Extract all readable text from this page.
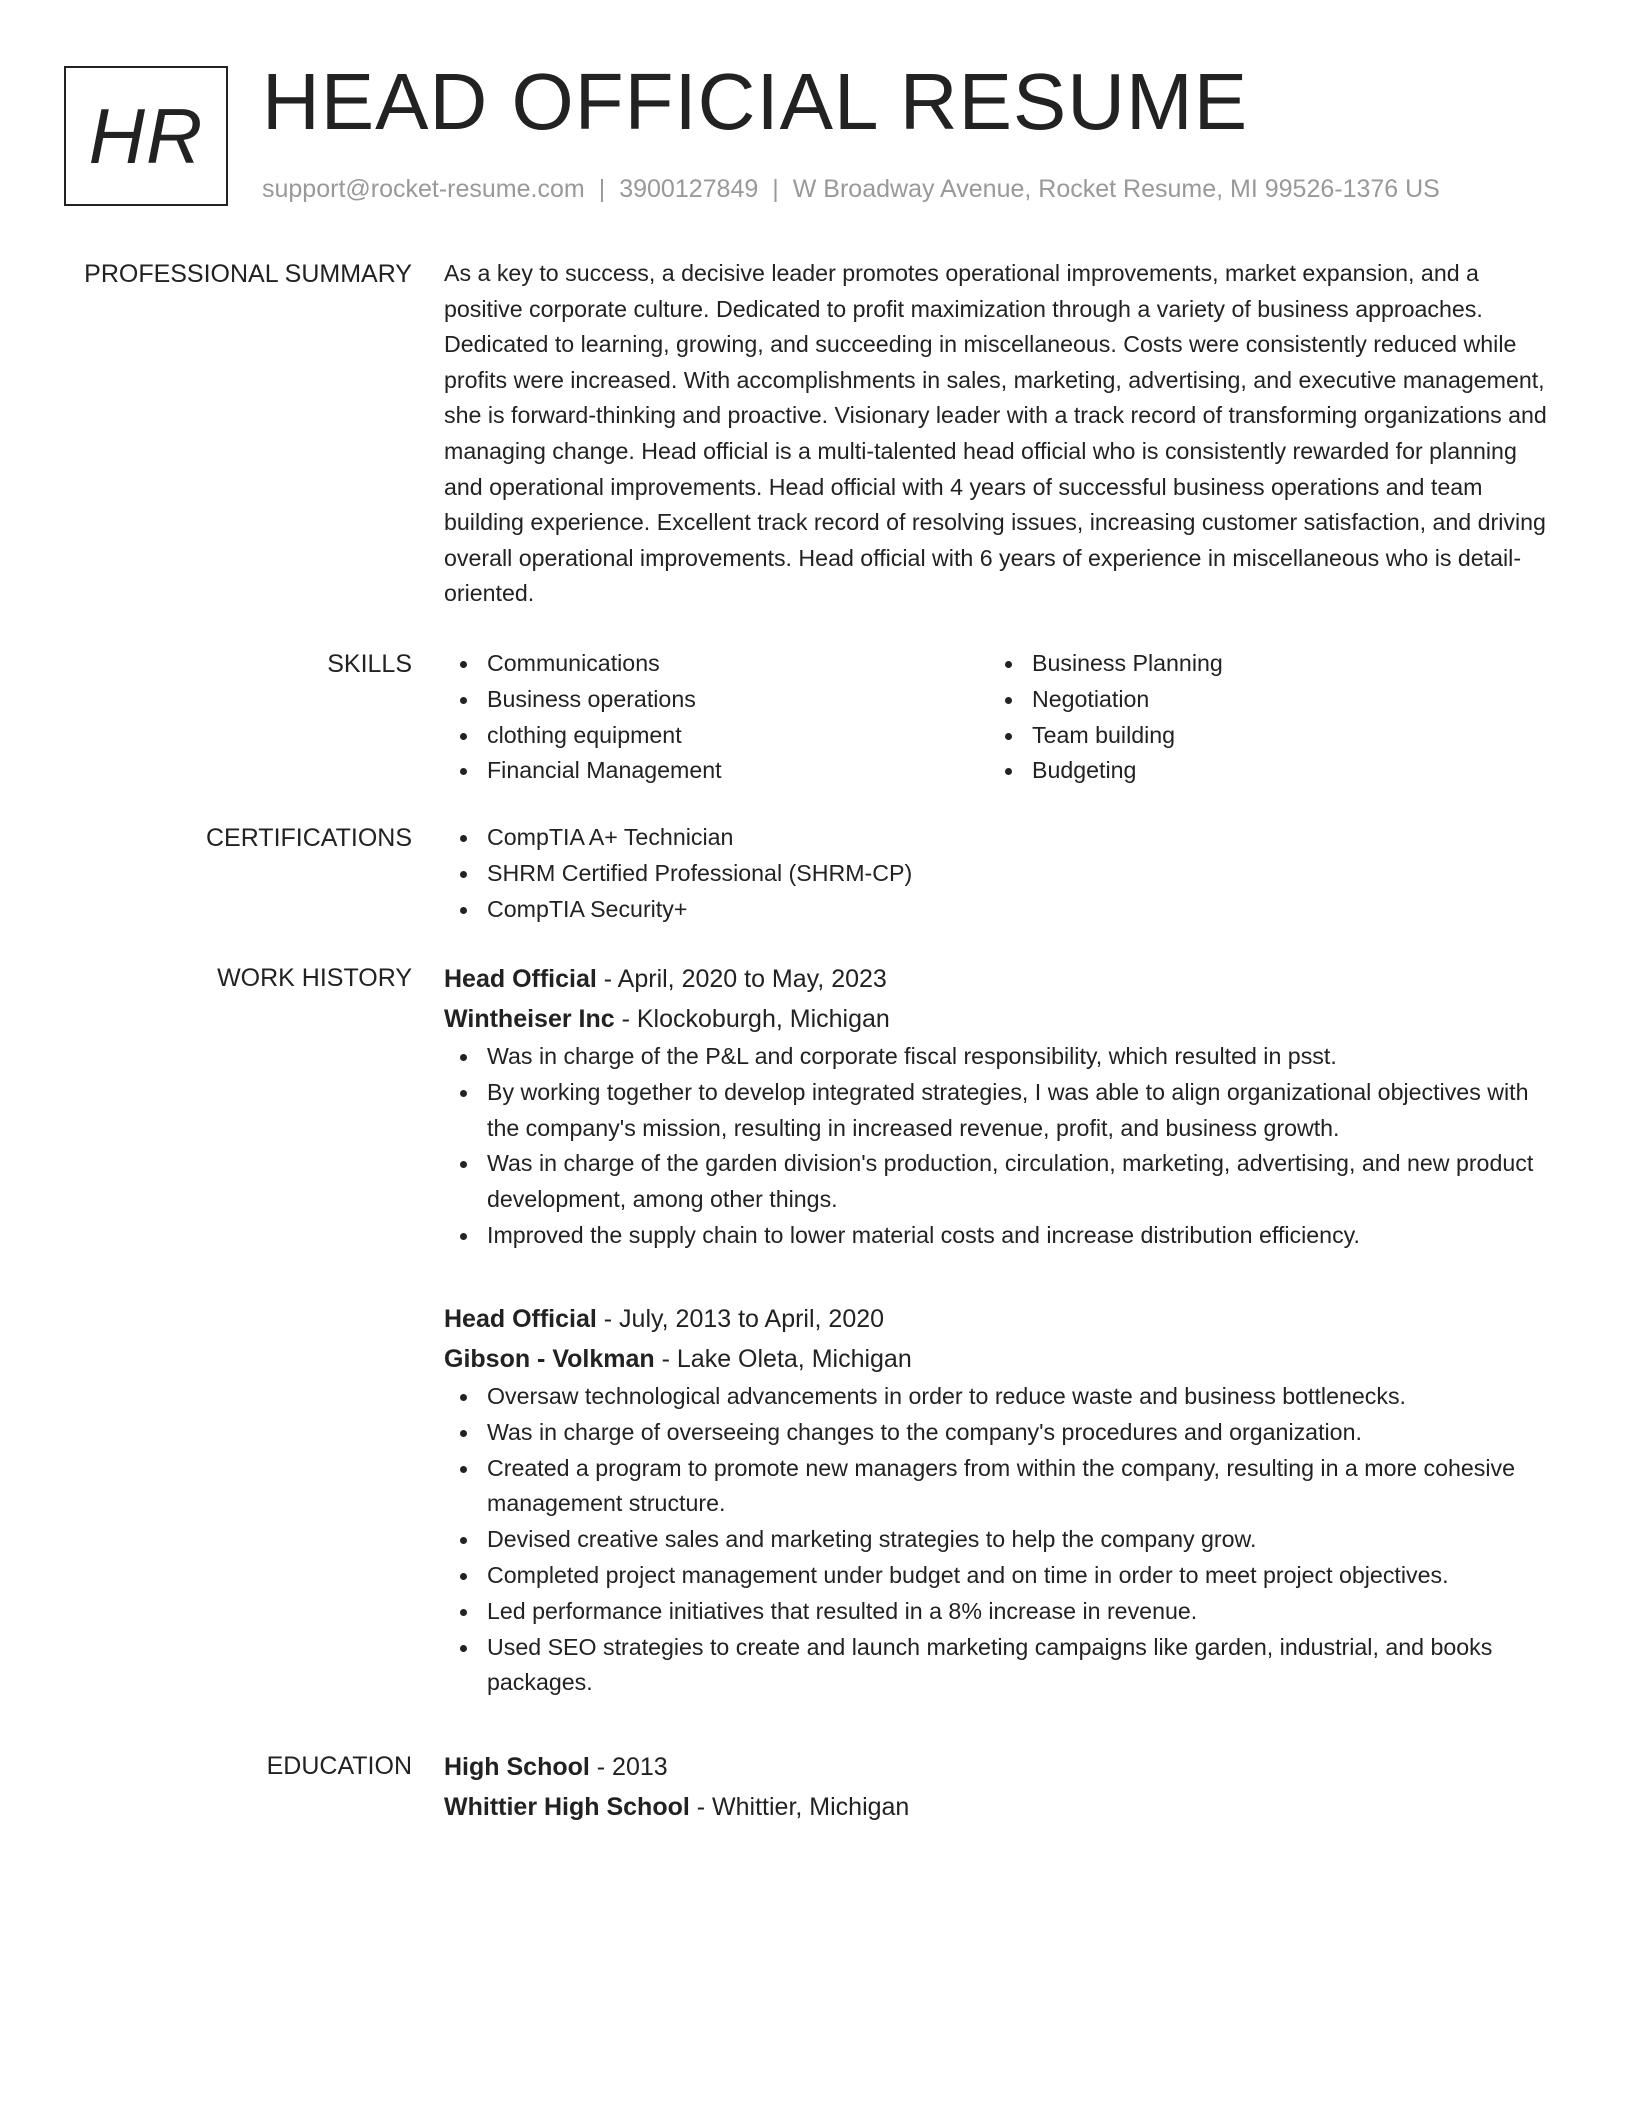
HR HEAD OFFICIAL RESUME
support@rocket-resume.com | 3900127849 | W Broadway Avenue, Rocket Resume, MI 99526-1376 US
PROFESSIONAL SUMMARY As a key to success, a decisive leader promotes operational improvements, market expansion, and a positive corporate culture. Dedicated to profit maximization through a variety of business approaches. Dedicated to learning, growing, and succeeding in miscellaneous. Costs were consistently reduced while profits were increased. With accomplishments in sales, marketing, advertising, and executive management, she is forward-thinking and proactive. Visionary leader with a track record of transforming organizations and managing change. Head official is a multi-talented head official who is consistently rewarded for planning and operational improvements. Head official with 4 years of successful business operations and team building experience. Excellent track record of resolving issues, increasing customer satisfaction, and driving overall operational improvements. Head official with 6 years of experience in miscellaneous who is detail-oriented.

SKILLS	Communications
Business operations
clothing equipment
Financial Management
Business Planning
Negotiation
Team building
Budgeting
CERTIFICATIONS	CompTIA A+ Technician
SHRM Certified Professional (SHRM-CP)
CompTIA Security+
WORK HISTORY Head Official - April, 2020 to May, 2023
Wintheiser Inc - Klockoburgh, Michigan
Was in charge of the P&L and corporate fiscal responsibility, which resulted in psst.
By working together to develop integrated strategies, I was able to align organizational objectives with the company's mission, resulting in increased revenue, profit, and business growth.
Was in charge of the garden division's production, circulation, marketing, advertising, and new product development, among other things.
Improved the supply chain to lower material costs and increase distribution efficiency.
Head Official - July, 2013 to April, 2020
Gibson - Volkman - Lake Oleta, Michigan
Oversaw technological advancements in order to reduce waste and business bottlenecks.
Was in charge of overseeing changes to the company's procedures and organization.
Created a program to promote new managers from within the company, resulting in a more cohesive management structure.
Devised creative sales and marketing strategies to help the company grow.
Completed project management under budget and on time in order to meet project objectives.
Led performance initiatives that resulted in a 8% increase in revenue.
Used SEO strategies to create and launch marketing campaigns like garden, industrial, and books packages.
EDUCATION High School - 2013
Whittier High School - Whittier, Michigan
